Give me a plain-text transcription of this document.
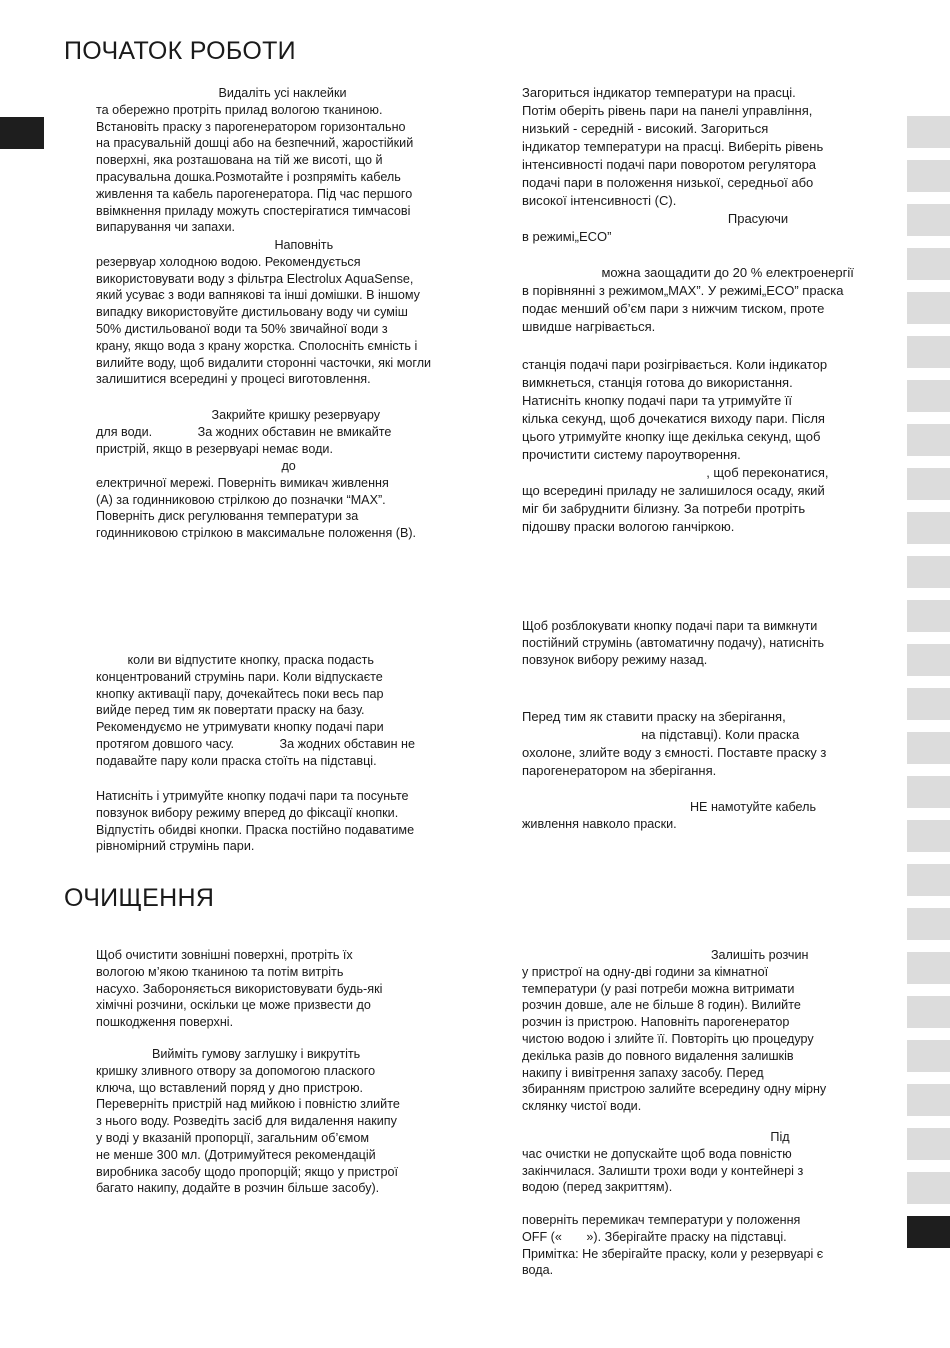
ПОЧАТОК РОБОТИ

Видаліть усі наклейки
та обережно протріть прилад вологою тканиною.
Встановіть праску з парогенератором горизонтально
на прасувальній дошці або на безпечний, жаростійкий
поверхні, яка розташована на тій же висоті, що й
прасувальна дошка.Розмотайте і розпряміть кабель
живлення та кабель парогенератора. Під час першого
ввімкнення приладу можуть спостерігатися тимчасові
випарування чи запахи.

Наповніть
резервуар холодною водою. Рекомендується
використовувати воду з фільтра Electrolux AquaSense,
який усуває з води вапнякові та інші домішки. В іншому
випадку використовуйте дистильовану воду чи суміш
50% дистильованої води та 50% звичайної води з
крану, якщо вода з крану жорстка. Сполосніть ємність і
вилийте воду, щоб видалити сторонні часточки, які могли
залишитися всередині у процесі виготовлення.

Закрийте кришку резервуару
для води.             За жодних обставин не вмикайте
пристрій, якщо в резервуарі немає води.

до
електричної мережі. Поверніть вимикач живлення
(A) за годинниковою стрілкою до позначки “MAX”.
Поверніть диск регулювання температури за
годинниковою стрілкою в максимальне положення (B).

коли ви відпустите кнопку, праска подасть
концентрований струмінь пари. Коли відпускаєте
кнопку активації пару, дочекайтесь поки весь пар
вийде перед тим як повертати праску на базу.
Рекомендуємо не утримувати кнопку подачі пари
протягом довшого часу.             За жодних обставин не
подавайте пару коли праска стоїть на підставці.

Натисніть і утримуйте кнопку подачі пари та посуньте
повзунок вибору режиму вперед до фіксації кнопки.
Відпустіть обидві кнопки. Праска постійно подаватиме
рівномірний струмінь пари.

Загориться індикатор температури на прасці.
Потім оберіть рівень пари на панелі управління,
низький - середній - високий. Загориться
індикатор температури на прасці. Виберіть рівень
інтенсивності подачі пари поворотом регулятора
подачі пари в положення низької, середньої або
високої інтенсивності (C).
Прасуючи
в режимі„ECO”

можна заощадити до 20 % електроенергії
в порівнянні з режимом„MAX”. У режимі„ECO” праска
подає менший об’єм пари з нижчим тиском, проте
швидше нагрівається.

станція подачі пари розігрівається. Коли індикатор
вимкнеться, станція готова до використання.
Натисніть кнопку подачі пари та утримуйте її
кілька секунд, щоб дочекатися виходу пари. Після
цього утримуйте кнопку іще декілька секунд, щоб
прочистити систему пароутворення.
, щоб переконатися,
що всередині приладу не залишилося осаду, який
міг би забруднити білизну. За потреби протріть
підошву праски вологою ганчіркою.

Щоб розблокувати кнопку подачі пари та вимкнути
постійний струмінь (автоматичну подачу), натисніть
повзунок вибору режиму назад.

Перед тим як ставити праску на зберігання,
на підставці). Коли праска
охолоне, злийте воду з ємності. Поставте праску з
парогенератором на зберігання.

НЕ намотуйте кабель
живлення навколо праски.

ОЧИЩЕННЯ

Щоб очистити зовнішні поверхні, протріть їх
вологою м’якою тканиною та потім витріть
насухо. Забороняється використовувати будь-які
хімічні розчини, оскільки це може призвести до
пошкодження поверхні.

Вийміть гумову заглушку і викрутіть
кришку зливного отвору за допомогою плаского
ключа, що вставлений поряд у дно пристрою.
Переверніть пристрій над мийкою і повністю злийте
з нього воду. Розведіть засіб для видалення накипу
у воді у вказаній пропорції, загальним об’ємом
не менше 300 мл. (Дотримуйтеся рекомендацій
виробника засобу щодо пропорцій; якщо у пристрої
багато накипу, додайте в розчин більше засобу).

Залишіть розчин
у пристрої на одну-дві години за кімнатної
температури (у разі потреби можна витримати
розчин довше, але не більше 8 годин). Вилийте
розчин із пристрою. Наповніть парогенератор
чистою водою і злийте її. Повторіть цю процедуру
декілька разів до повного видалення залишків
накипу і вивітрення запаху засобу. Перед
збиранням пристрою залийте всередину одну мірну
склянку чистої води.

Під
час очистки не допускайте щоб вода повністю
закінчилася. Залишти трохи води у контейнері з
водою (перед закриттям).

поверніть перемикач температури у положення
OFF («       »). Зберігайте праску на підставці.
Примітка: Не зберігайте праску, коли у резервуарі є
вода.
